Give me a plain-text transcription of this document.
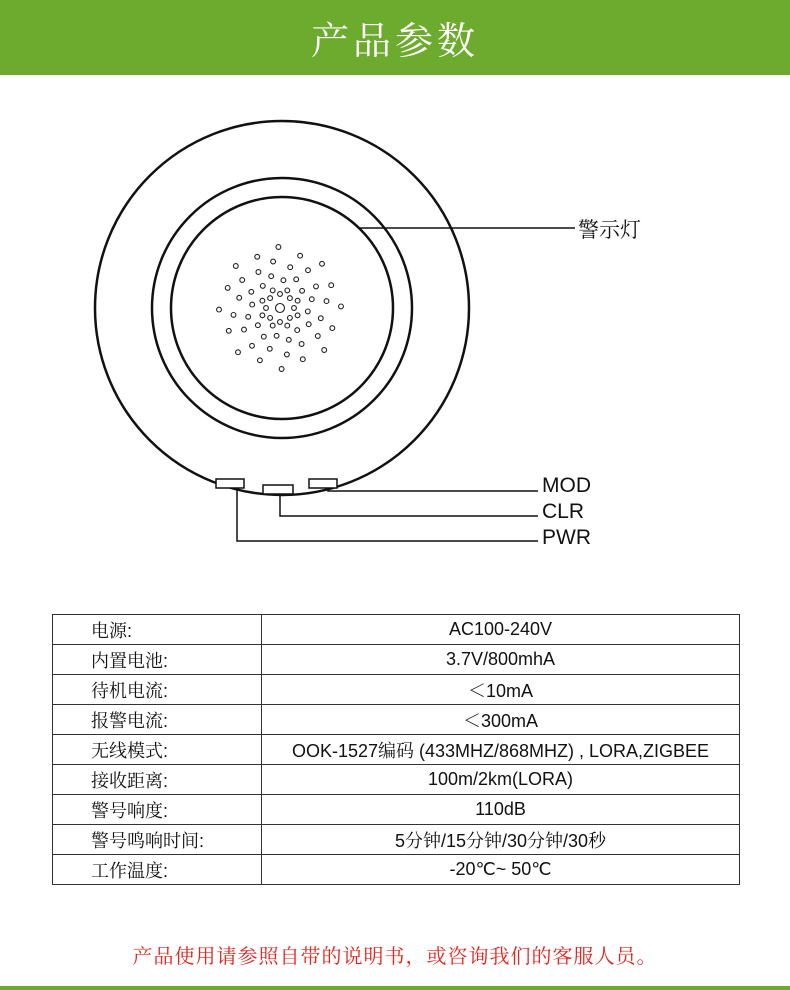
产品参数
警示灯
MOD
CLR
PWR
电源:	AC100-240V
内置电池:	3.7V/800mhA
待机电流:	＜10mA
报警电流:	＜300mA
无线模式:	OOK-1527编码 (433MHZ/868MHZ) , LORA,ZIGBEE
接收距离:	100m/2km(LORA)
警号响度:	110dB
警号鸣响时间:	5分钟/15分钟/30分钟/30秒
工作温度:	-20℃~ 50℃
产品使用请参照自带的说明书，或咨询我们的客服人员。
